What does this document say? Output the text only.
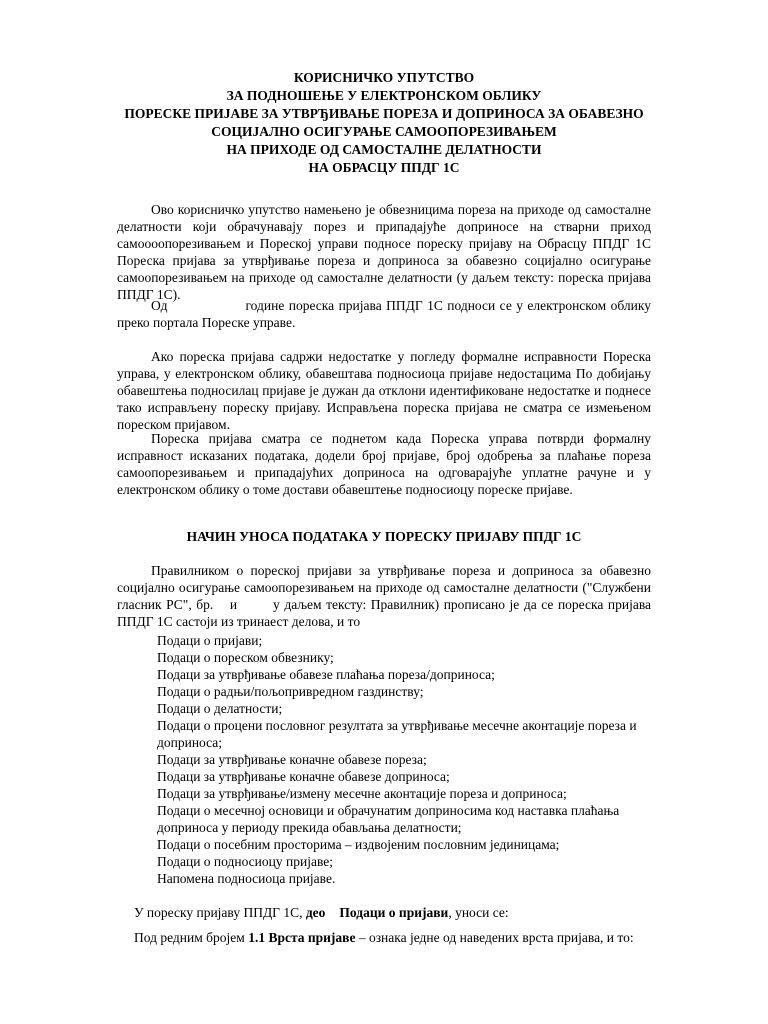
КОРИСНИЧКО УПУТСТВО
ЗА ПОДНОШЕЊЕ У ЕЛЕКТРОНСКОМ ОБЛИКУ
ПОРЕСКЕ ПРИЈАВЕ ЗА УТВРЂИВАЊЕ ПОРЕЗА И ДОПРИНОСА ЗА ОБАВЕЗНО
СОЦИЈАЛНО ОСИГУРАЊЕ САМООПОРЕЗИВАЊЕМ
НА ПРИХОДЕ ОД САМОСТАЛНЕ ДЕЛАТНОСТИ
НА ОБРАСЦУ ППДГ 1С
Ово корисничко упутство намењено је обвезницима пореза на приходе од самосталне делатности који обрачунавају порез и припадајуће доприносе на стварни приход самоооопорезивањем и Пореској управи подносе пореску пријаву на Обрасцу ППДГ 1С Пореска пријава за утврђивање пореза и доприноса за обавезно социјално осигурање самоопорезивањем на приходе од самосталне делатности (у даљем тексту: пореска пријава ППДГ 1С).
Од	године пореска пријава ППДГ 1С подноси се у електронском облику преко портала Пореске управе.
Ако пореска пријава садржи недостатке у погледу формалне исправности Пореска управа, у електронском облику, обавештава подносиоца пријаве недостацима По добијању обавештења подносилац пријаве је дужан да отклони идентификоване недостатке и поднесе тако исправљену пореску пријаву. Исправљена пореска пријава не сматра се измењеном пореском пријавом.
Пореска пријава сматра се поднетом када Пореска управа потврди формалну исправност исказаних података, додели број пријаве, број одобрења за плаћање пореза самоопорезивањем и припадајућих доприноса на одговарајуће уплатне рачуне и у електронском облику о томе достави обавештење подносиоцу пореске пријаве.
НАЧИН УНОСА ПОДАТАКА У ПОРЕСКУ ПРИЈАВУ ППДГ 1С
Правилником о пореској пријави за утврђивање пореза и доприноса за обавезно социјално осигурање самоопорезивањем на приходе од самосталне делатности ("Службени гласник РС", бр. и	у даљем тексту: Правилник) прописано је да се пореска пријава ППДГ 1С састоји из тринаест делова, и то
Подаци о пријави;
Подаци о пореском обвезнику;
Подаци за утврђивање обавезе плаћања пореза/доприноса;
Подаци о радњи/пољопривредном газдинству;
Подаци о делатности;
Подаци о процени пословног резултата за утврђивање месечне аконтације пореза и
доприноса;
Подаци за утврђивање коначне обавезе пореза;
Подаци за утврђивање коначне обавезе доприноса;
Подаци за утврђивање/измену месечне аконтације пореза и доприноса;
Подаци о месечној основици и обрачунатим доприносима код наставка плаћања
доприноса у периоду прекида обављања делатности;
Подаци о посебним просторима – издвојеним пословним јединицама;
Подаци о подносиоцу пријаве;
Напомена подносиоца пријаве.
У пореску пријаву ППДГ 1С, део Подаци о пријави, уноси се:
Под редним бројем 1.1 Врста пријаве – ознака једне од наведених врста пријава, и то:
